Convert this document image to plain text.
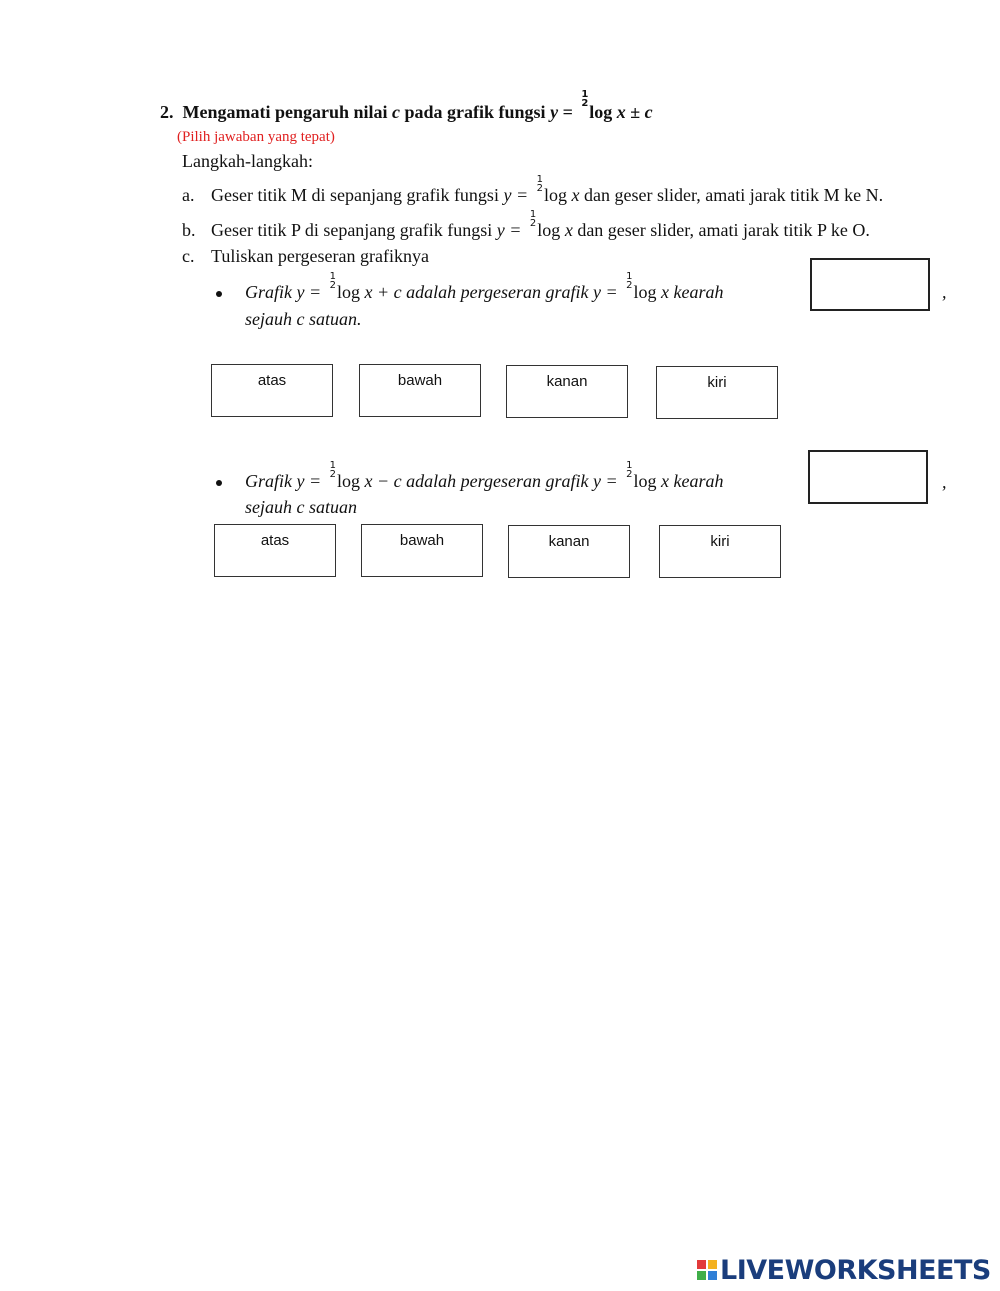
2. Mengamati pengaruh nilai c pada grafik fungsi y =
1
2 log x ± c
(Pilih jawaban yang tepat)
Langkah-langkah:
a. Geser titik M di sepanjang grafik fungsi y =
1
2 log x dan geser slider, amati jarak titik M ke N.
b. Geser titik P di sepanjang grafik fungsi y =
1
2 log x dan geser slider, amati jarak titik P ke O.
c. Tuliskan pergeseran grafiknya
Grafik y =
1
2 log x + c adalah pergeseran grafik y =
1
2 log x kearah	,
sejauh c satuan.
atas	bawah	kanan	kiri
Grafik y =
1
2 log x − c adalah pergeseran grafik y =
1
2 log x kearah	,
sejauh c satuan
atas	bawah	kanan	kiri
LIVEWORKSHEETS
